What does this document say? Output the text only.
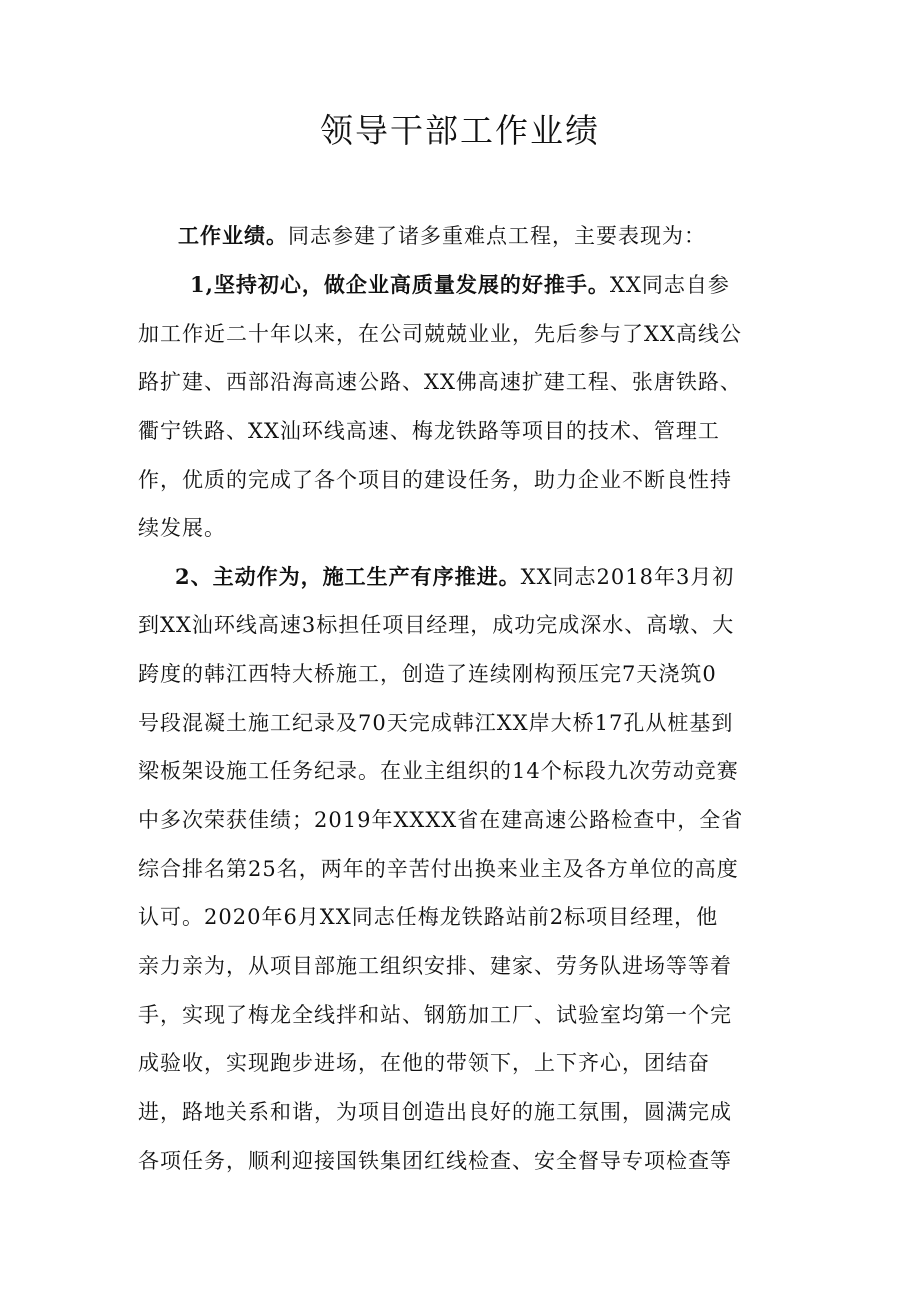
领导干部工作业绩
工作业绩。同志参建了诸多重难点工程，主要表现为：
1,坚持初心，做企业高质量发展的好推手。XX同志自参
加工作近二十年以来，在公司兢兢业业，先后参与了XX高线公
路扩建、西部沿海高速公路、XX佛高速扩建工程、张唐铁路、
衢宁铁路、XX汕环线高速、梅龙铁路等项目的技术、管理工
作，优质的完成了各个项目的建设任务，助力企业不断良性持
续发展。
2、主动作为，施工生产有序推进。XX同志2018年3月初
到XX汕环线高速3标担任项目经理，成功完成深水、高墩、大
跨度的韩江西特大桥施工，创造了连续刚构预压完7天浇筑0
号段混凝土施工纪录及70天完成韩江XX岸大桥17孔从桩基到
梁板架设施工任务纪录。在业主组织的14个标段九次劳动竞赛
中多次荣获佳绩；2019年XXXX省在建高速公路检查中，全省
综合排名第25名，两年的辛苦付出换来业主及各方单位的高度
认可。2020年6月XX同志任梅龙铁路站前2标项目经理，他
亲力亲为，从项目部施工组织安排、建家、劳务队进场等等着
手，实现了梅龙全线拌和站、钢筋加工厂、试验室均第一个完
成验收，实现跑步进场，在他的带领下，上下齐心，团结奋
进，路地关系和谐，为项目创造出良好的施工氛围，圆满完成
各项任务，顺利迎接国铁集团红线检查、安全督导专项检查等
